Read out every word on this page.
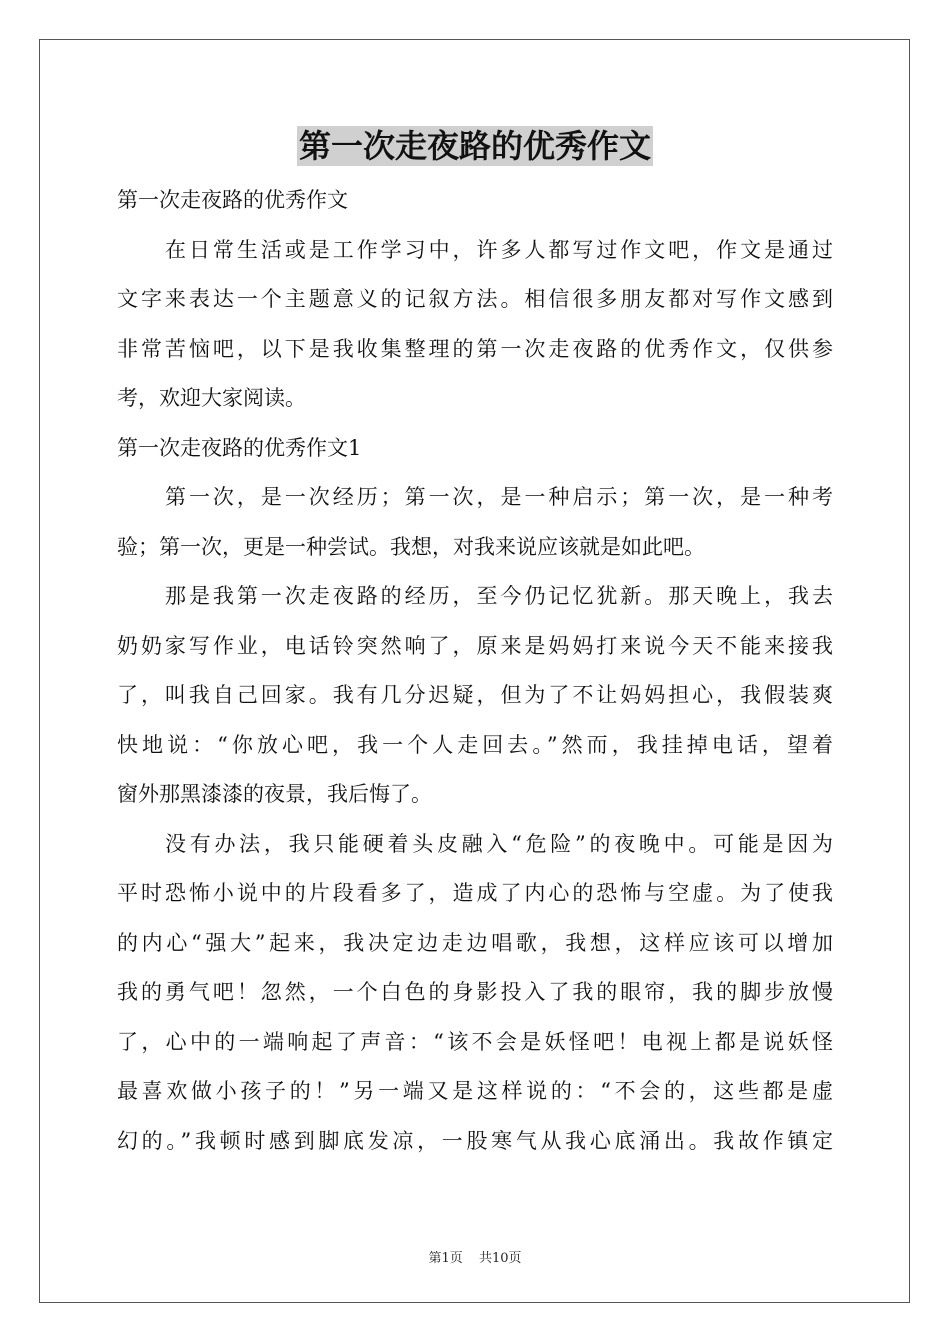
第一次走夜路的优秀作文
第一次走夜路的优秀作文
在日常生活或是工作学习中，许多人都写过作文吧，作文是通过
文字来表达一个主题意义的记叙方法。相信很多朋友都对写作文感到
非常苦恼吧，以下是我收集整理的第一次走夜路的优秀作文，仅供参
考，欢迎大家阅读。
第一次走夜路的优秀作文1
第一次，是一次经历；第一次，是一种启示；第一次，是一种考
验；第一次，更是一种尝试。我想，对我来说应该就是如此吧。
那是我第一次走夜路的经历，至今仍记忆犹新。那天晚上，我去
奶奶家写作业，电话铃突然响了，原来是妈妈打来说今天不能来接我
了，叫我自己回家。我有几分迟疑，但为了不让妈妈担心，我假装爽
快地说：“你放心吧，我一个人走回去。”然而，我挂掉电话，望着
窗外那黑漆漆的夜景，我后悔了。
没有办法，我只能硬着头皮融入“危险”的夜晚中。可能是因为
平时恐怖小说中的片段看多了，造成了内心的恐怖与空虚。为了使我
的内心“强大”起来，我决定边走边唱歌，我想，这样应该可以增加
我的勇气吧！忽然，一个白色的身影投入了我的眼帘，我的脚步放慢
了，心中的一端响起了声音：“该不会是妖怪吧！电视上都是说妖怪
最喜欢做小孩子的！”另一端又是这样说的：“不会的，这些都是虚
幻的。”我顿时感到脚底发凉，一股寒气从我心底涌出。我故作镇定
第1页 共10页
